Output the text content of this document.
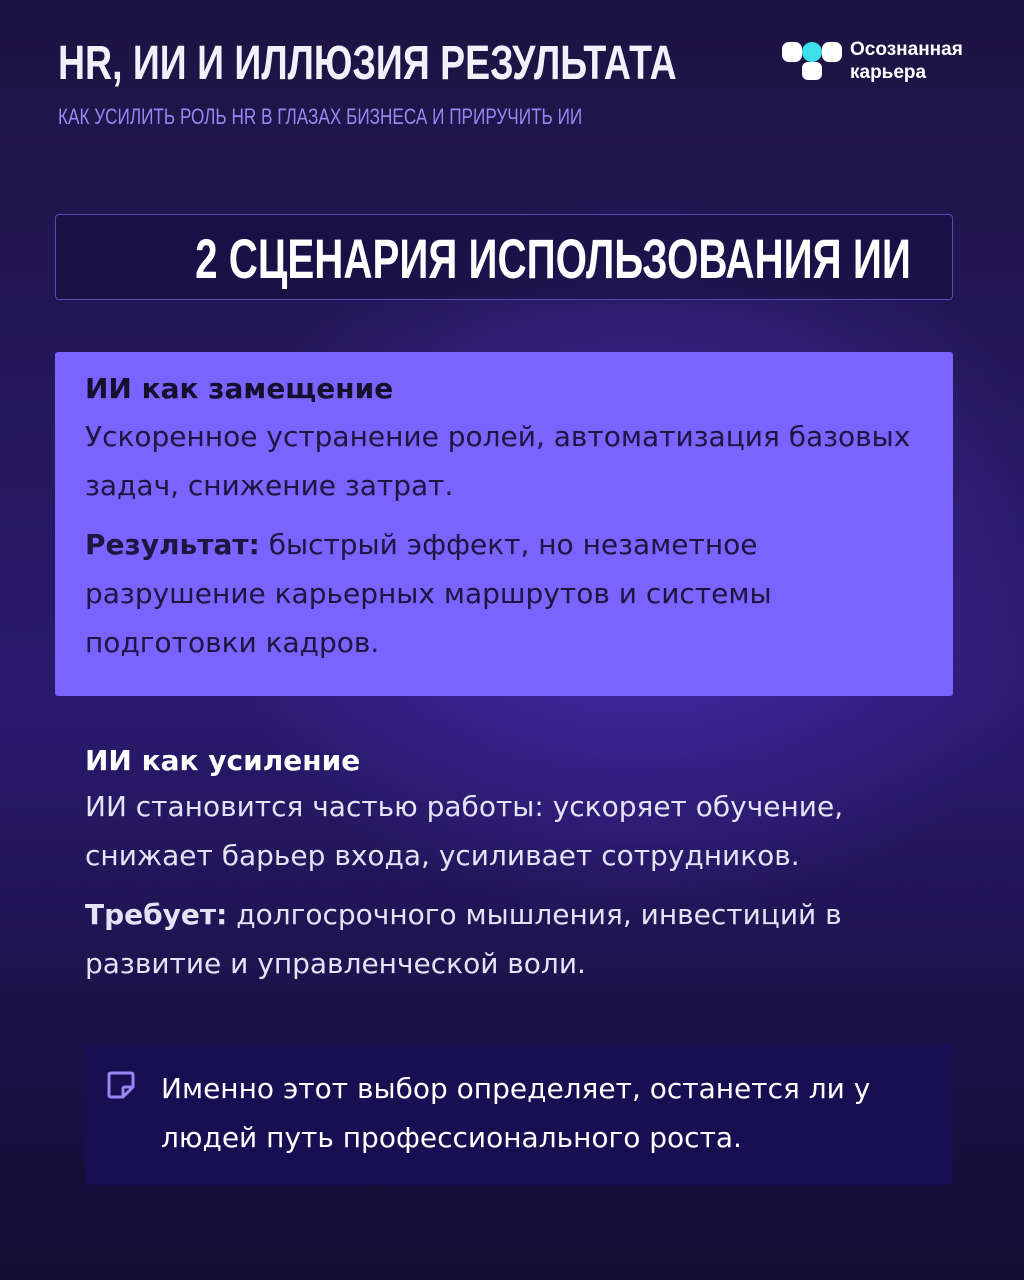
HR, ИИ И ИЛЛЮЗИЯ РЕЗУЛЬТАТА
КАК УСИЛИТЬ РОЛЬ HR В ГЛАЗАХ БИЗНЕСА И ПРИРУЧИТЬ ИИ
Осознанная
карьера
2 СЦЕНАРИЯ ИСПОЛЬЗОВАНИЯ ИИ

ИИ как замещение

Ускоренное устранение ролей, автоматизация базовых задач, снижение затрат.

Результат: быстрый эффект, но незаметное разрушение карьерных маршрутов и системы подготовки кадров.

ИИ как усиление

ИИ становится частью работы: ускоряет обучение, снижает барьер входа, усиливает сотрудников.

Требует: долгосрочного мышления, инвестиций в развитие и управленческой воли.

Именно этот выбор определяет, останется ли у людей путь профессионального роста.
